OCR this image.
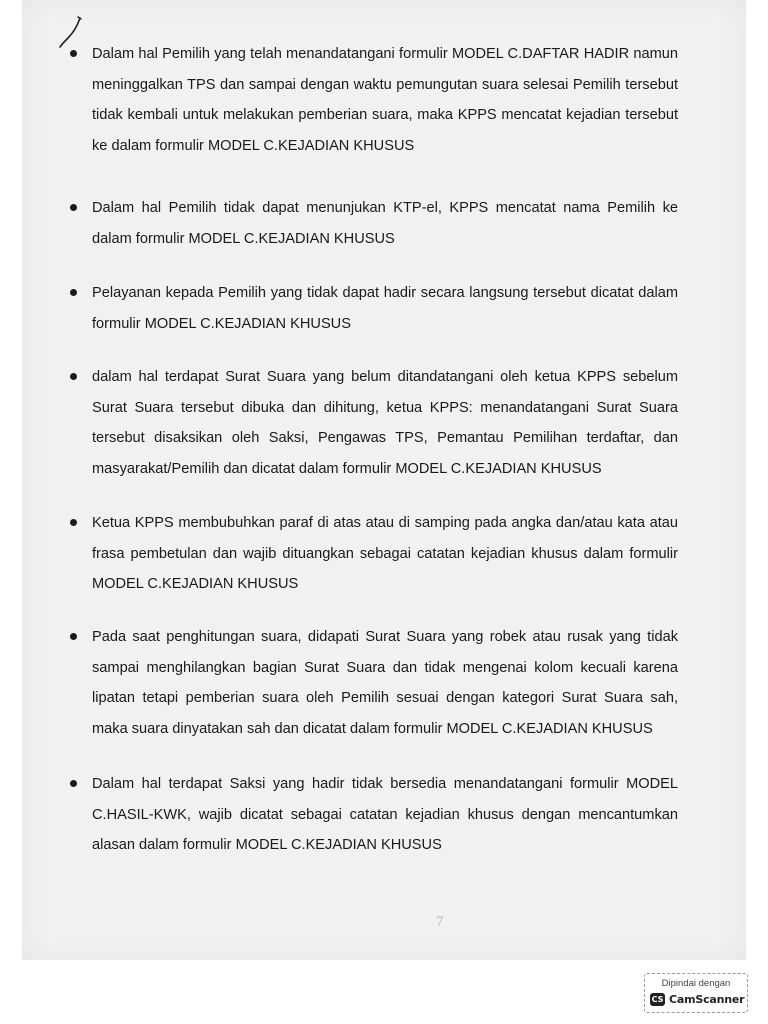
Dalam hal Pemilih yang telah menandatangani formulir MODEL C.DAFTAR HADIR namun meninggalkan TPS dan sampai dengan waktu pemungutan suara selesai Pemilih tersebut tidak kembali untuk melakukan pemberian suara, maka KPPS mencatat kejadian tersebut ke dalam formulir MODEL C.KEJADIAN KHUSUS

Dalam hal Pemilih tidak dapat menunjukan KTP-el, KPPS mencatat nama Pemilih ke dalam formulir MODEL C.KEJADIAN KHUSUS

Pelayanan kepada Pemilih yang tidak dapat hadir secara langsung tersebut dicatat dalam formulir MODEL C.KEJADIAN KHUSUS

dalam hal terdapat Surat Suara yang belum ditandatangani oleh ketua KPPS sebelum Surat Suara tersebut dibuka dan dihitung, ketua KPPS: menandatangani Surat Suara tersebut disaksikan oleh Saksi, Pengawas TPS, Pemantau Pemilihan terdaftar, dan masyarakat/Pemilih dan dicatat dalam formulir MODEL C.KEJADIAN KHUSUS

Ketua KPPS membubuhkan paraf di atas atau di samping pada angka dan/atau kata atau frasa pembetulan dan wajib dituangkan sebagai catatan kejadian khusus dalam formulir MODEL C.KEJADIAN KHUSUS

Pada saat penghitungan suara, didapati Surat Suara yang robek atau rusak yang tidak sampai menghilangkan bagian Surat Suara dan tidak mengenai kolom kecuali karena lipatan tetapi pemberian suara oleh Pemilih sesuai dengan kategori Surat Suara sah, maka suara dinyatakan sah dan dicatat dalam formulir MODEL C.KEJADIAN KHUSUS

Dalam hal terdapat Saksi yang hadir tidak bersedia menandatangani formulir MODEL C.HASIL-KWK, wajib dicatat sebagai catatan kejadian khusus dengan mencantumkan alasan dalam formulir MODEL C.KEJADIAN KHUSUS

7
Dipindai dengan
CS CamScanner
